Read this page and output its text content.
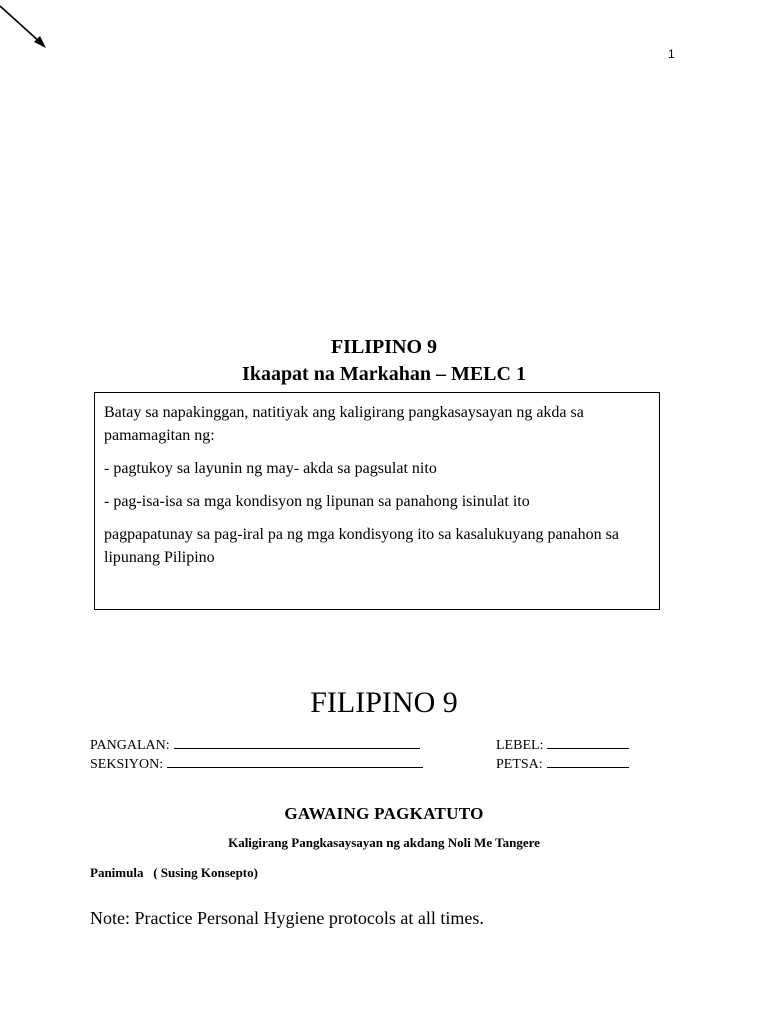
1
FILIPINO 9
Ikaapat na Markahan – MELC 1

Batay sa napakinggan, natitiyak ang kaligirang pangkasaysayan ng akda sa pamamagitan ng:

- pagtukoy sa layunin ng may- akda sa pagsulat nito

- pag-isa-isa sa mga kondisyon ng lipunan sa panahong isinulat ito

pagpapatunay sa pag-iral pa ng mga kondisyong ito sa kasalukuyang panahon sa lipunang Pilipino

FILIPINO 9
PANGALAN:
SEKSIYON:
LEBEL:
PETSA:
GAWAING PAGKATUTO
Kaligirang Pangkasaysayan ng akdang Noli Me Tangere
Panimula   ( Susing Konsepto)
Note: Practice Personal Hygiene protocols at all times.
